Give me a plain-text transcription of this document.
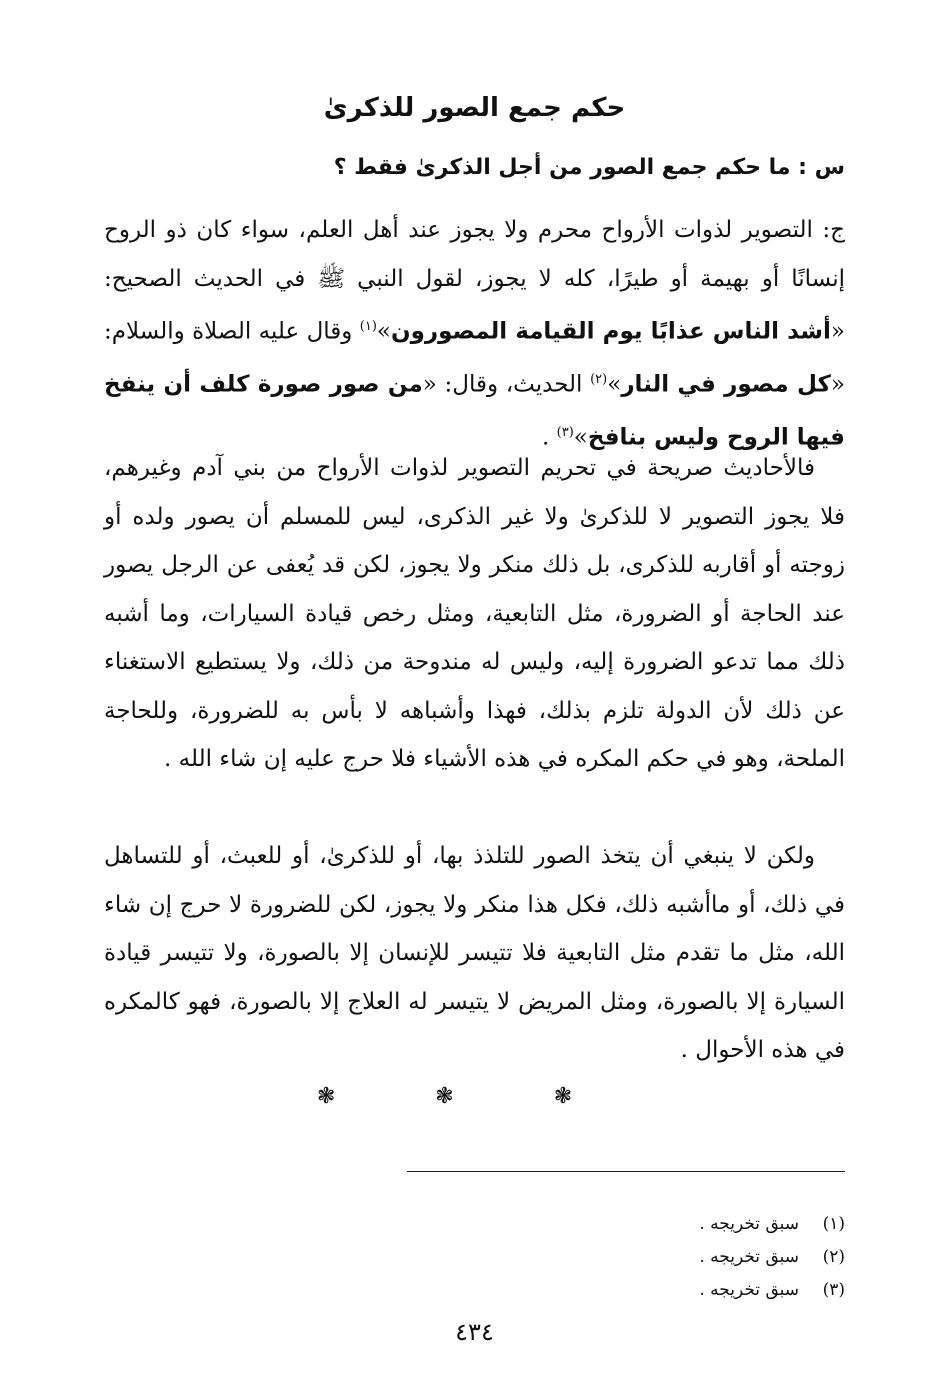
حكم جمع الصور للذكرىٰ
س : ما حكم جمع الصور من أجل الذكرىٰ فقط ؟
ج: التصوير لذوات الأرواح محرم ولا يجوز عند أهل العلم، سواء كان ذو الروح إنسانًا أو بهيمة أو طيرًا، كله لا يجوز، لقول النبي ﷺ في الحديث الصحيح: «أشد الناس عذابًا يوم القيامة المصورون»$^{(١)}$ وقال عليه الصلاة والسلام: «كل مصور في النار»$^{(٢)}$ الحديث، وقال: «من صور صورة كلف أن ينفخ فيها الروح وليس بنافخ»$^{(٣)}$ .
فالأحاديث صريحة في تحريم التصوير لذوات الأرواح من بني آدم وغيرهم، فلا يجوز التصوير لا للذكرىٰ ولا غير الذكرى، ليس للمسلم أن يصور ولده أو زوجته أو أقاربه للذكرى، بل ذلك منكر ولا يجوز، لكن قد يُعفى عن الرجل يصور عند الحاجة أو الضرورة، مثل التابعية، ومثل رخص قيادة السيارات، وما أشبه ذلك مما تدعو الضرورة إليه، وليس له مندوحة من ذلك، ولا يستطيع الاستغناء عن ذلك لأن الدولة تلزم بذلك، فهذا وأشباهه لا بأس به للضرورة، وللحاجة الملحة، وهو في حكم المكره في هذه الأشياء فلا حرج عليه إن شاء الله .
ولكن لا ينبغي أن يتخذ الصور للتلذذ بها، أو للذكرىٰ، أو للعبث، أو للتساهل في ذلك، أو ماأشبه ذلك، فكل هذا منكر ولا يجوز، لكن للضرورة لا حرج إن شاء الله، مثل ما تقدم مثل التابعية فلا تتيسر للإنسان إلا بالصورة، ولا تتيسر قيادة السيارة إلا بالصورة، ومثل المريض لا يتيسر له العلاج إلا بالصورة، فهو كالمكره في هذه الأحوال .
❃ ❃ ❃
(١)سبق تخريجه .
(٢)سبق تخريجه .
(٣)سبق تخريجه .
٤٣٤
